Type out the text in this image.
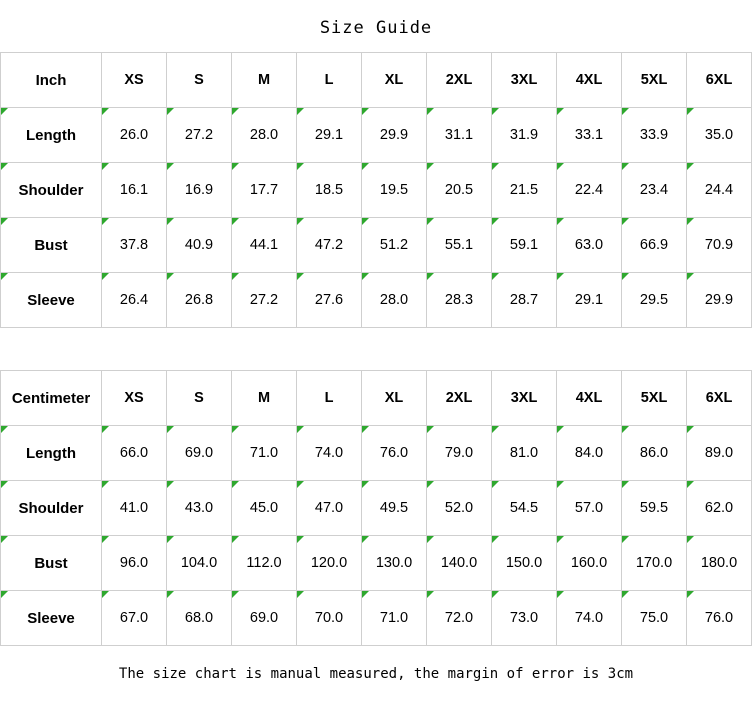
Size Guide
Inch	XS	S	M	L	XL	2XL	3XL	4XL	5XL	6XL
Length	26.0	27.2	28.0	29.1	29.9	31.1	31.9	33.1	33.9	35.0
Shoulder	16.1	16.9	17.7	18.5	19.5	20.5	21.5	22.4	23.4	24.4
Bust	37.8	40.9	44.1	47.2	51.2	55.1	59.1	63.0	66.9	70.9
Sleeve	26.4	26.8	27.2	27.6	28.0	28.3	28.7	29.1	29.5	29.9
Centimeter	XS	S	M	L	XL	2XL	3XL	4XL	5XL	6XL
Length	66.0	69.0	71.0	74.0	76.0	79.0	81.0	84.0	86.0	89.0
Shoulder	41.0	43.0	45.0	47.0	49.5	52.0	54.5	57.0	59.5	62.0
Bust	96.0	104.0	112.0	120.0	130.0	140.0	150.0	160.0	170.0	180.0
Sleeve	67.0	68.0	69.0	70.0	71.0	72.0	73.0	74.0	75.0	76.0
The size chart is manual measured, the margin of error is 3cm
